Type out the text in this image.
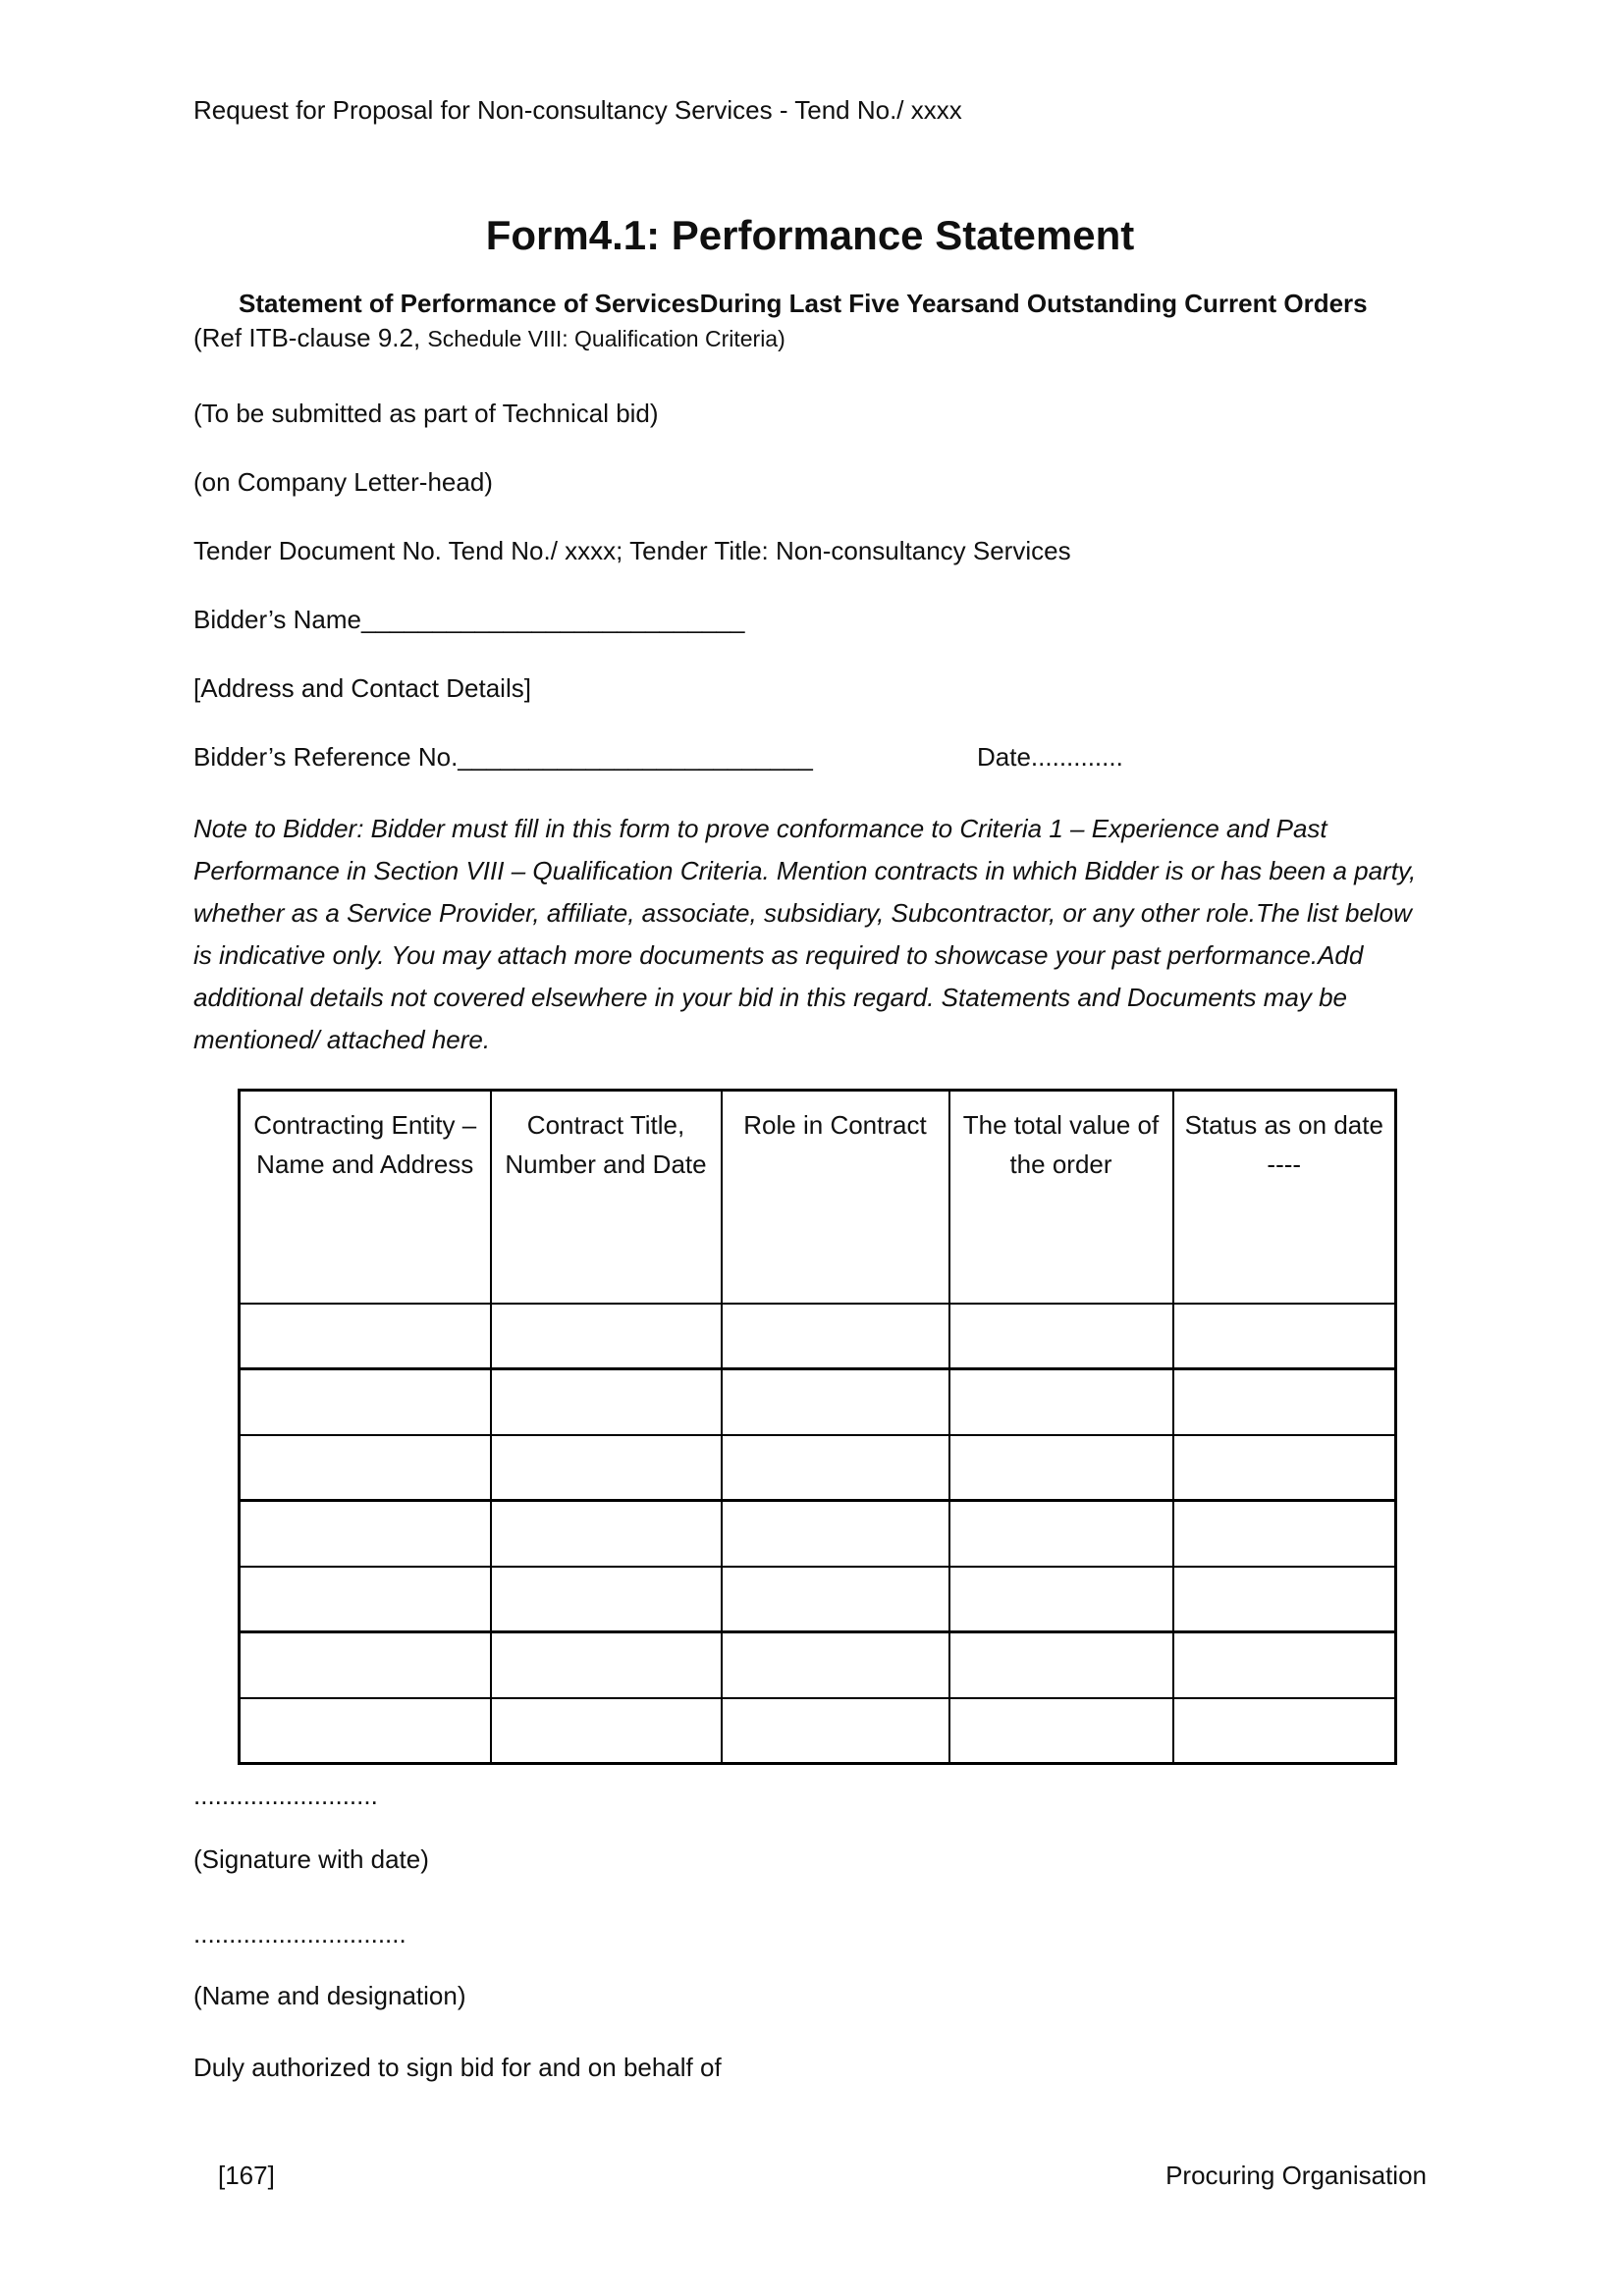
Request for Proposal for Non-consultancy Services - Tend No./ xxxx

Form4.1: Performance Statement

Statement of Performance of ServicesDuring Last Five Yearsand Outstanding Current Orders
(Ref ITB-clause 9.2, Schedule VIII: Qualification Criteria)

(To be submitted as part of Technical bid)

(on Company Letter-head)

Tender Document No. Tend No./ xxxx; Tender Title: Non-consultancy Services

Bidder’s Name___________________________

[Address and Contact Details]

Bidder’s Reference No._________________________	Date.............

Note to Bidder: Bidder must fill in this form to prove conformance to Criteria 1 – Experience and Past Performance in Section VIII – Qualification Criteria. Mention contracts in which Bidder is or has been a party, whether as a Service Provider, affiliate, associate, subsidiary, Subcontractor, or any other role.The list below is indicative only. You may attach more documents as required to showcase your past performance.Add additional details not covered elsewhere in your bid in this regard. Statements and Documents may be mentioned/ attached here.

Contracting Entity – Name and Address	Contract Title, Number and Date	Role in Contract	The total value of the order	Status as on date ----

..........................

(Signature with date)

..............................

(Name and designation)

Duly authorized to sign bid for and on behalf of

[167]	Procuring Organisation
